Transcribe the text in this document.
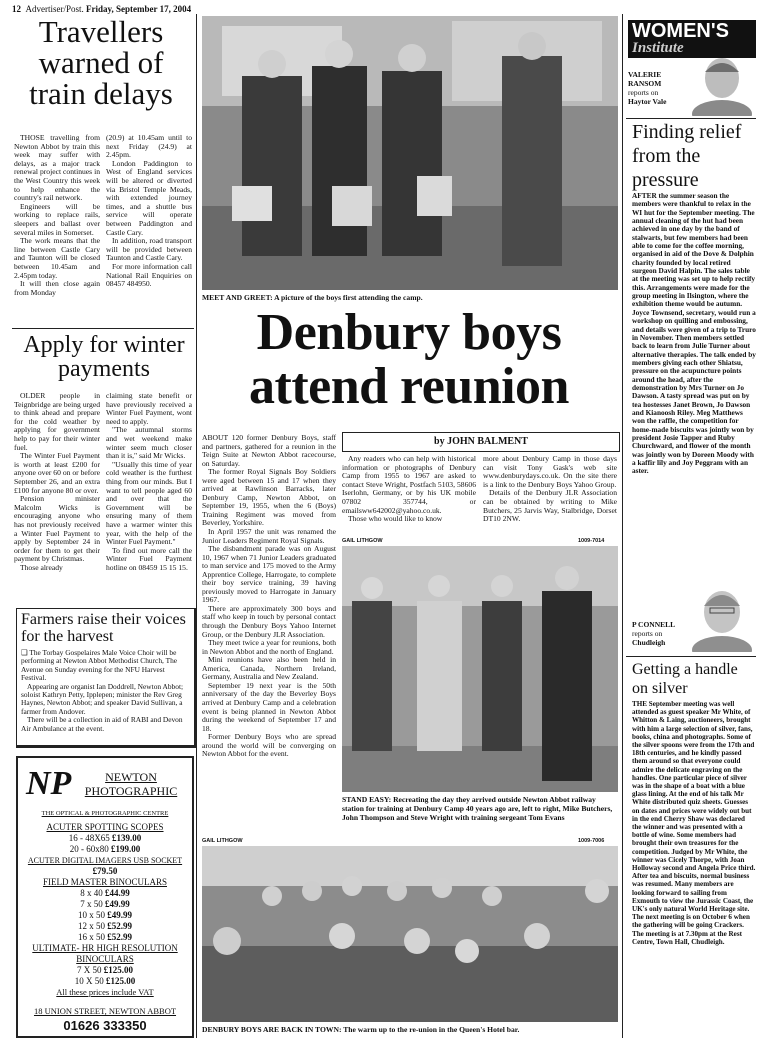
12 Advertiser/Post. Friday, September 17, 2004
Travellers warned of train delays

THOSE travelling from Newton Abbot by train this week may suffer with delays, as a major track renewal project continues in the West Country this week to help enhance the country's rail network.

Engineers will be working to replace rails, sleepers and ballast over several miles in Somerset.

The work means that the line between Castle Cary and Taunton will be closed between 10.45am and 2.45pm today.

It will then close again from Monday

(20.9) at 10.45am until to next Friday (24.9) at 2.45pm.

London Paddington to West of England services will be altered or diverted via Bristol Temple Meads, with extended journey times, and a shuttle bus service will operate between Paddington and Castle Cary.

In addition, road transport will be provided between Taunton and Castle Cary.

For more information call National Rail Enquiries on 08457 484950.

Apply for winter payments

OLDER people in Teignbridge are being urged to think ahead and prepare for the cold weather by applying for government help to pay for their winter fuel.

The Winter Fuel Payment is worth at least £200 for anyone over 60 on or before September 26, and an extra £100 for anyone 80 or over.

Pension minister Malcolm Wicks is encouraging anyone who has not previously received a Winter Fuel Payment to apply by September 24 in order for them to get their payment by Christmas.

Those already

claiming state benefit or have previously received a Winter Fuel Payment, wont need to apply.

"The autumnal storms and wet weekend make winter seem much closer than it is," said Mr Wicks.

"Usually this time of year cold weather is the furthest thing from our minds. But I want to tell people aged 60 and over that the Government will be ensuring many of them have a warmer winter this year, with the help of the Winter Fuel Payment."

To find out more call the Winter Fuel Payment hotline on 08459 15 15 15.

Farmers raise their voices for the harvest

❑ The Torbay Gospelaires Male Voice Choir will be performing at Newton Abbot Methodist Church, The Avenue on Sunday evening for the NFU Harvest Festival.

Appearing are organist Ian Doddrell, Newton Abbot; soloist Kathryn Petty, Ipplepen; minister the Rev Greg Haynes, Newton Abbot; and speaker David Sullivan, a farmer from Andover.

There will be a collection in aid of RABI and Devon Air Ambulance at the event.

NP	NEWTON PHOTOGRAPHIC
THE OPTICAL & PHOTOGRAPHIC CENTRE
ACUTER SPOTTING SCOPES
16 - 48X65 £139.00
20 - 60x80 £199.00
ACUTER DIGITAL IMAGERS USB SOCKET
£79.50
FIELD MASTER BINOCULARS
8 x 40 £44.99
7 x 50 £49.99
10 x 50 £49.99
12 x 50 £52.99
16 x 50 £52.99
ULTIMATE- HR HIGH RESOLUTION BINOCULARS
7 X 50 £125.00
10 X 50 £125.00
All these prices include VAT
18 UNION STREET, NEWTON ABBOT
01626 333350
MEET AND GREET: A picture of the boys first attending the camp.
Denbury boys attend reunion

ABOUT 120 former Denbury Boys, staff and partners, gathered for a reunion in the Teign Suite at Newton Abbot racecourse, on Saturday.

The former Royal Signals Boy Soldiers were aged between 15 and 17 when they arrived at Rawlinson Barracks, later Denbury Camp, Newton Abbot, on September 19, 1955, when the 6 (Boys) Training Regiment was moved from Beverley, Yorkshire.

In April 1957 the unit was renamed the Junior Leaders Regiment Royal Signals.

The disbandment parade was on August 10, 1967 when 71 Junior Leaders graduated to man service and 175 moved to the Army Apprentice College, Harrogate, to complete their boy service training, 39 having previously moved to Harrogate in January 1967.

There are approximately 300 boys and staff who keep in touch by personal contact through the Denbury Boys Yahoo Internet Group, or the Denbury JLR Association.

They meet twice a year for reunions, both in Newton Abbot and the north of England.

Mini reunions have also been held in America, Canada, Northern Ireland, Germany, Australia and New Zealand.

September 19 next year is the 50th anniversary of the day the Beverley Boys arrived at Denbury Camp and a celebration event is being planned in Newton Abbot during the weekend of September 17 and 18.

Former Denbury Boys who are spread around the world will be converging on Newton Abbot for the event.

by JOHN BALMENT

Any readers who can help with historical information or photographs of Denbury Camp from 1955 to 1967 are asked to contact Steve Wright, Postfach 5103, 58606 Iserlohn, Germany, or by his UK mobile 07802 357744, or emailsww642002@yahoo.co.uk.

Those who would like to know

more about Denbury Camp in those days can visit Tony Gask's web site www.denburydays.co.uk. On the site there is a link to the Denbury Boys Yahoo Group.

Details of the Denbury JLR Association can be obtained by writing to Mike Butchers, 25 Jarvis Way, Stalbridge, Dorset DT10 2NW.

GAIL LITHGOW	1009-7014
STAND EASY: Recreating the day they arrived outside Newton Abbot railway station for training at Denbury Camp 40 years ago are, left to right, Mike Butchers, John Thompson and Steve Wright with training sergeant Tom Evans
GAIL LITHGOW	1009-7006
DENBURY BOYS ARE BACK IN TOWN: The warm up to the re-union in the Queen's Hotel bar.
WOMEN'S
Institute
VALERIE
RANSOM
reports on
Haytor Vale
Finding relief from the pressure

AFTER the summer season the members were thankful to relax in the WI hut for the September meeting. The annual cleaning of the hut had been achieved in one day by the band of stalwarts, but few members had been able to come for the coffee morning, organised in aid of the Dove & Dolphin charity founded by local retired surgeon David Halpin. The sales table at the meeting was set up to help rectify this. Arrangements were made for the group meeting in Ilsington, where the exhibition theme would be autumn. Joyce Townsend, secretary, would run a workshop on quilling and embossing, and details were given of a trip to Truro in November. Then members settled back to learn from Julie Turner about alternative therapies. The talk ended by members giving each other Shiatsu, pressure on the acupuncture points around the head, after the demonstration by Mrs Turner on Jo Dawson. A tasty spread was put on by tea hostesses Janet Brown, Jo Dawson and Kianoosh Riley. Meg Matthews won the raffle, the competition for home-made biscuits was jointly won by president Josie Tapper and Ruby Churchward, and flower of the month was jointly won by Doreen Moody with a kaffir lily and Joy Peggram with an aster.

P CONNELL
reports on
Chudleigh
Getting a handle on silver

THE September meeting was well attended as guest speaker Mr White, of Whitton & Laing, auctioneers, brought with him a large selection of silver, fans, books, china and photographs. Some of the silver spoons were from the 17th and 18th centuries, and he kindly passed them around so that everyone could admire the delicate engraving on the handles. One particular piece of silver was in the shape of a boat with a blue glass lining. At the end of his talk Mr White distributed quiz sheets. Guesses on dates and prices were widely out but in the end Cherry Shaw was declared the winner and was presented with a bottle of wine. Some members had brought their own treasures for the competition. Judged by Mr White, the winner was Cicely Thorpe, with Joan Holloway second and Angela Price third. After tea and biscuits, normal business was resumed. Many members are looking forward to sailing from Exmouth to view the Jurassic Coast, the UK's only natural World Heritage site. The next meeting is on October 6 when the gathering will be going Crackers. The meeting is at 7.30pm at the Rest Centre, Town Hall, Chudleigh.
